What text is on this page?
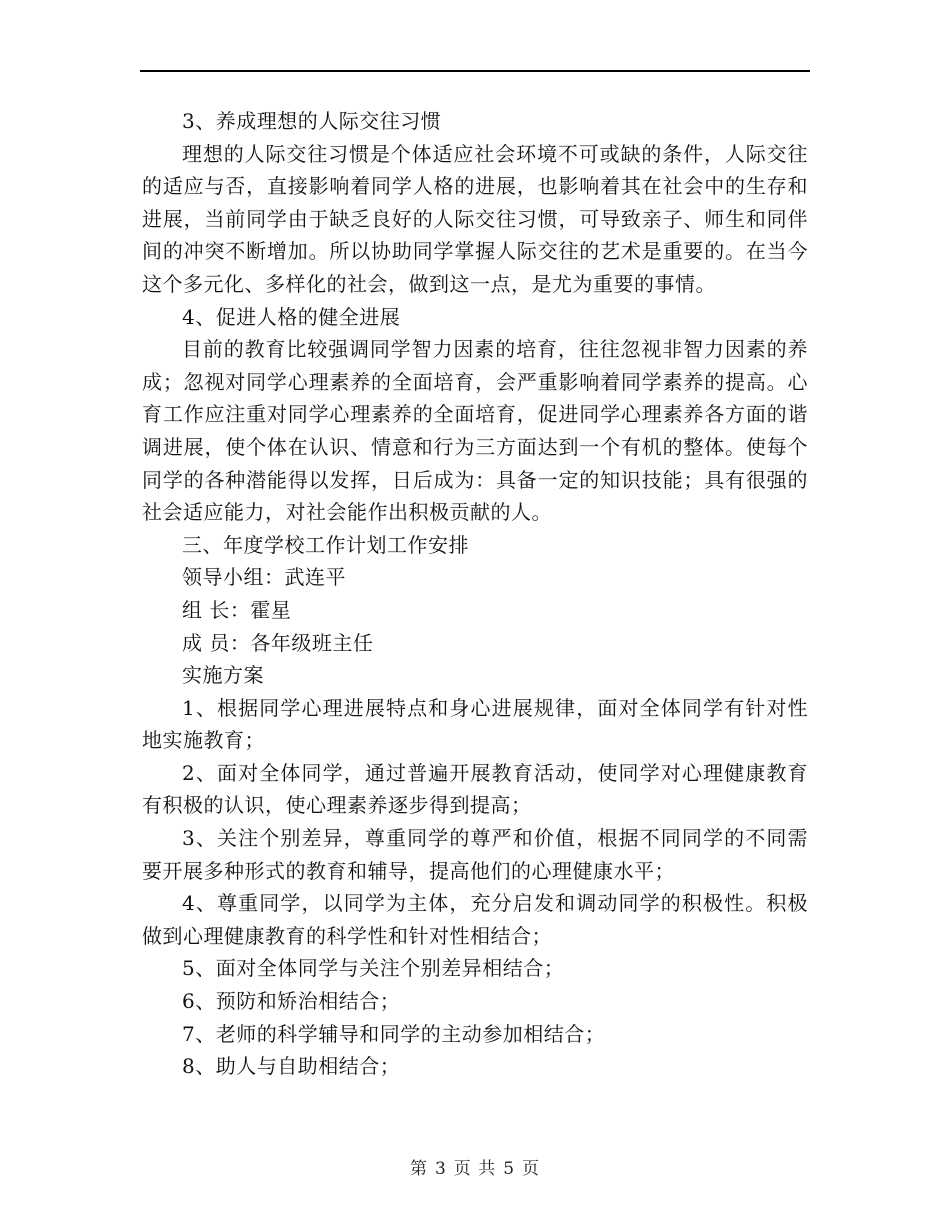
3、养成理想的人际交往习惯

理想的人际交往习惯是个体适应社会环境不可或缺的条件，人际交往的适应与否，直接影响着同学人格的进展，也影响着其在社会中的生存和进展，当前同学由于缺乏良好的人际交往习惯，可导致亲子、师生和同伴间的冲突不断增加。所以协助同学掌握人际交往的艺术是重要的。在当今这个多元化、多样化的社会，做到这一点，是尤为重要的事情。

4、促进人格的健全进展

目前的教育比较强调同学智力因素的培育，往往忽视非智力因素的养成；忽视对同学心理素养的全面培育，会严重影响着同学素养的提高。心育工作应注重对同学心理素养的全面培育，促进同学心理素养各方面的谐调进展，使个体在认识、情意和行为三方面达到一个有机的整体。使每个同学的各种潜能得以发挥，日后成为：具备一定的知识技能；具有很强的社会适应能力，对社会能作出积极贡献的人。

三、年度学校工作计划工作安排

领导小组：武连平

组 长：霍星

成 员：各年级班主任

实施方案

1、根据同学心理进展特点和身心进展规律，面对全体同学有针对性地实施教育；

2、面对全体同学，通过普遍开展教育活动，使同学对心理健康教育有积极的认识，使心理素养逐步得到提高；

3、关注个别差异，尊重同学的尊严和价值，根据不同同学的不同需要开展多种形式的教育和辅导，提高他们的心理健康水平；

4、尊重同学，以同学为主体，充分启发和调动同学的积极性。积极做到心理健康教育的科学性和针对性相结合；

5、面对全体同学与关注个别差异相结合；

6、预防和矫治相结合；

7、老师的科学辅导和同学的主动参加相结合；

8、助人与自助相结合；

第 3 页 共 5 页
